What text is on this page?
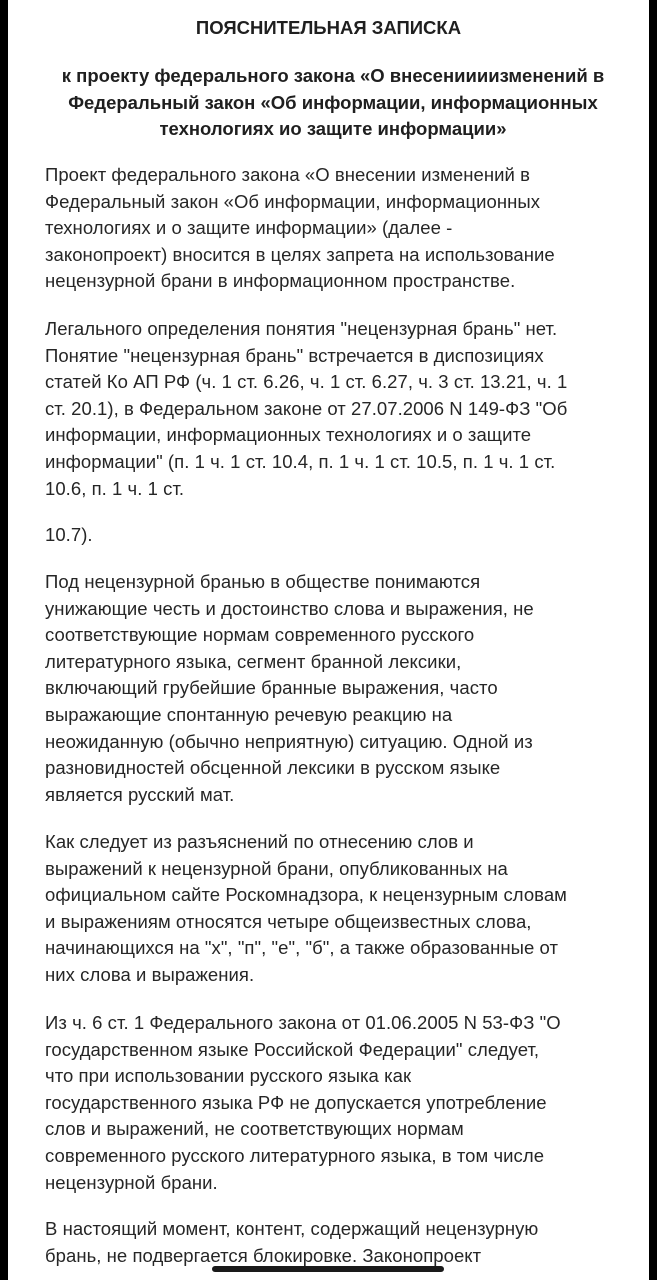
ПОЯСНИТЕЛЬНАЯ ЗАПИСКА
к проекту федерального закона «О внесениииизменений в
Федеральный закон «Об информации, информационных
технологиях ио защите информации»
Проект федерального закона «О внесении изменений в
Федеральный закон «Об информации, информационных
технологиях и о защите информации» (далее -
законопроект) вносится в целях запрета на использование
нецензурной брани в информационном пространстве.
Легального определения понятия "нецензурная брань" нет.
Понятие "нецензурная брань" встречается в диспозициях
статей Ко АП РФ (ч. 1 ст. 6.26, ч. 1 ст. 6.27, ч. 3 ст. 13.21, ч. 1
ст. 20.1), в Федеральном законе от 27.07.2006 N 149-ФЗ "Об
информации, информационных технологиях и о защите
информации" (п. 1 ч. 1 ст. 10.4, п. 1 ч. 1 ст. 10.5, п. 1 ч. 1 ст.
10.6, п. 1 ч. 1 ст.
10.7).
Под нецензурной бранью в обществе понимаются
унижающие честь и достоинство слова и выражения, не
соответствующие нормам современного русского
литературного языка, сегмент бранной лексики,
включающий грубейшие бранные выражения, часто
выражающие спонтанную речевую реакцию на
неожиданную (обычно неприятную) ситуацию. Одной из
разновидностей обсценной лексики в русском языке
является русский мат.
Как следует из разъяснений по отнесению слов и
выражений к нецензурной брани, опубликованных на
официальном сайте Роскомнадзора, к нецензурным словам
и выражениям относятся четыре общеизвестных слова,
начинающихся на "х", "п", "е", "б", а также образованные от
них слова и выражения.
Из ч. 6 ст. 1 Федерального закона от 01.06.2005 N 53-ФЗ "О
государственном языке Российской Федерации" следует,
что при использовании русского языка как
государственного языка РФ не допускается употребление
слов и выражений, не соответствующих нормам
современного русского литературного языка, в том числе
нецензурной брани.
В настоящий момент, контент, содержащий нецензурную
брань, не подвергается блокировке. Законопроект
